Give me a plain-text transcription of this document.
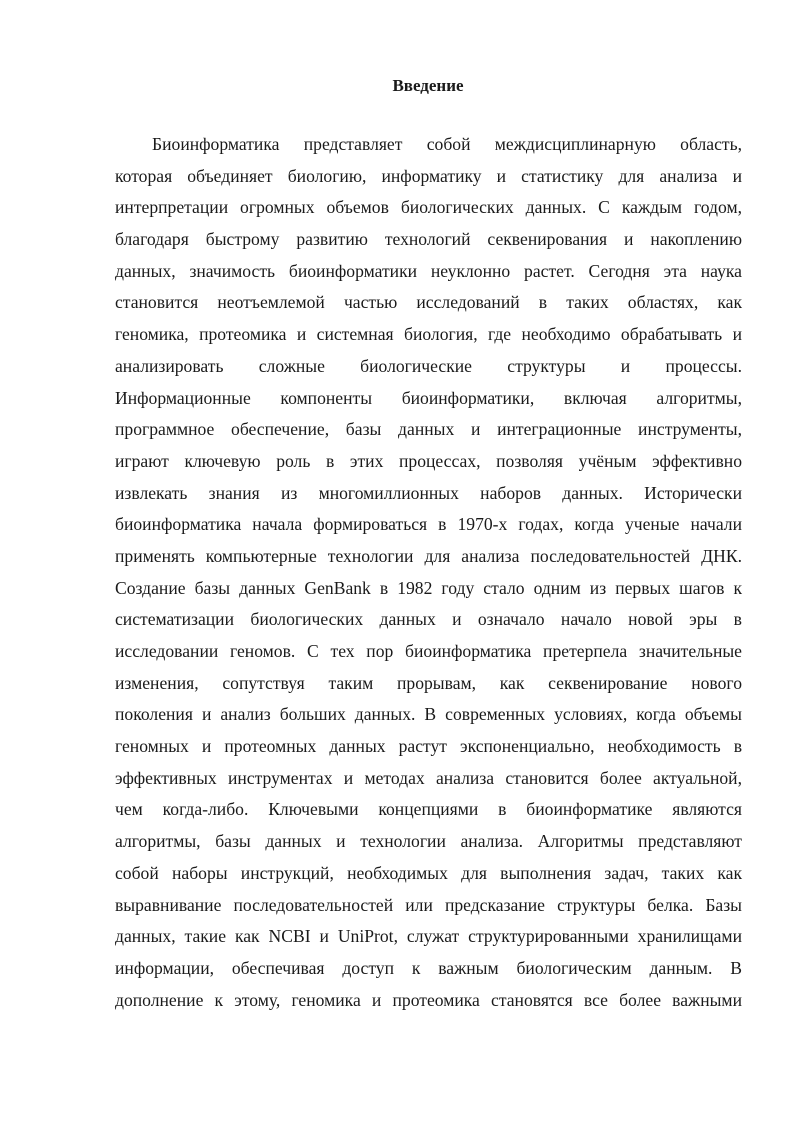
Введение
Биоинформатика представляет собой междисциплинарную область,
которая объединяет биологию, информатику и статистику для анализа и
интерпретации огромных объемов биологических данных. С каждым годом,
благодаря быстрому развитию технологий секвенирования и накоплению
данных, значимость биоинформатики неуклонно растет. Сегодня эта наука
становится неотъемлемой частью исследований в таких областях, как
геномика, протеомика и системная биология, где необходимо обрабатывать и
анализировать сложные биологические структуры и процессы.
Информационные компоненты биоинформатики, включая алгоритмы,
программное обеспечение, базы данных и интеграционные инструменты,
играют ключевую роль в этих процессах, позволяя учёным эффективно
извлекать знания из многомиллионных наборов данных. Исторически
биоинформатика начала формироваться в 1970-х годах, когда ученые начали
применять компьютерные технологии для анализа последовательностей ДНК.
Создание базы данных GenBank в 1982 году стало одним из первых шагов к
систематизации биологических данных и означало начало новой эры в
исследовании геномов. С тех пор биоинформатика претерпела значительные
изменения, сопутствуя таким прорывам, как секвенирование нового
поколения и анализ больших данных. В современных условиях, когда объемы
геномных и протеомных данных растут экспоненциально, необходимость в
эффективных инструментах и методах анализа становится более актуальной,
чем когда-либо. Ключевыми концепциями в биоинформатике являются
алгоритмы, базы данных и технологии анализа. Алгоритмы представляют
собой наборы инструкций, необходимых для выполнения задач, таких как
выравнивание последовательностей или предсказание структуры белка. Базы
данных, такие как NCBI и UniProt, служат структурированными хранилищами
информации, обеспечивая доступ к важным биологическим данным. В
дополнение к этому, геномика и протеомика становятся все более важными
